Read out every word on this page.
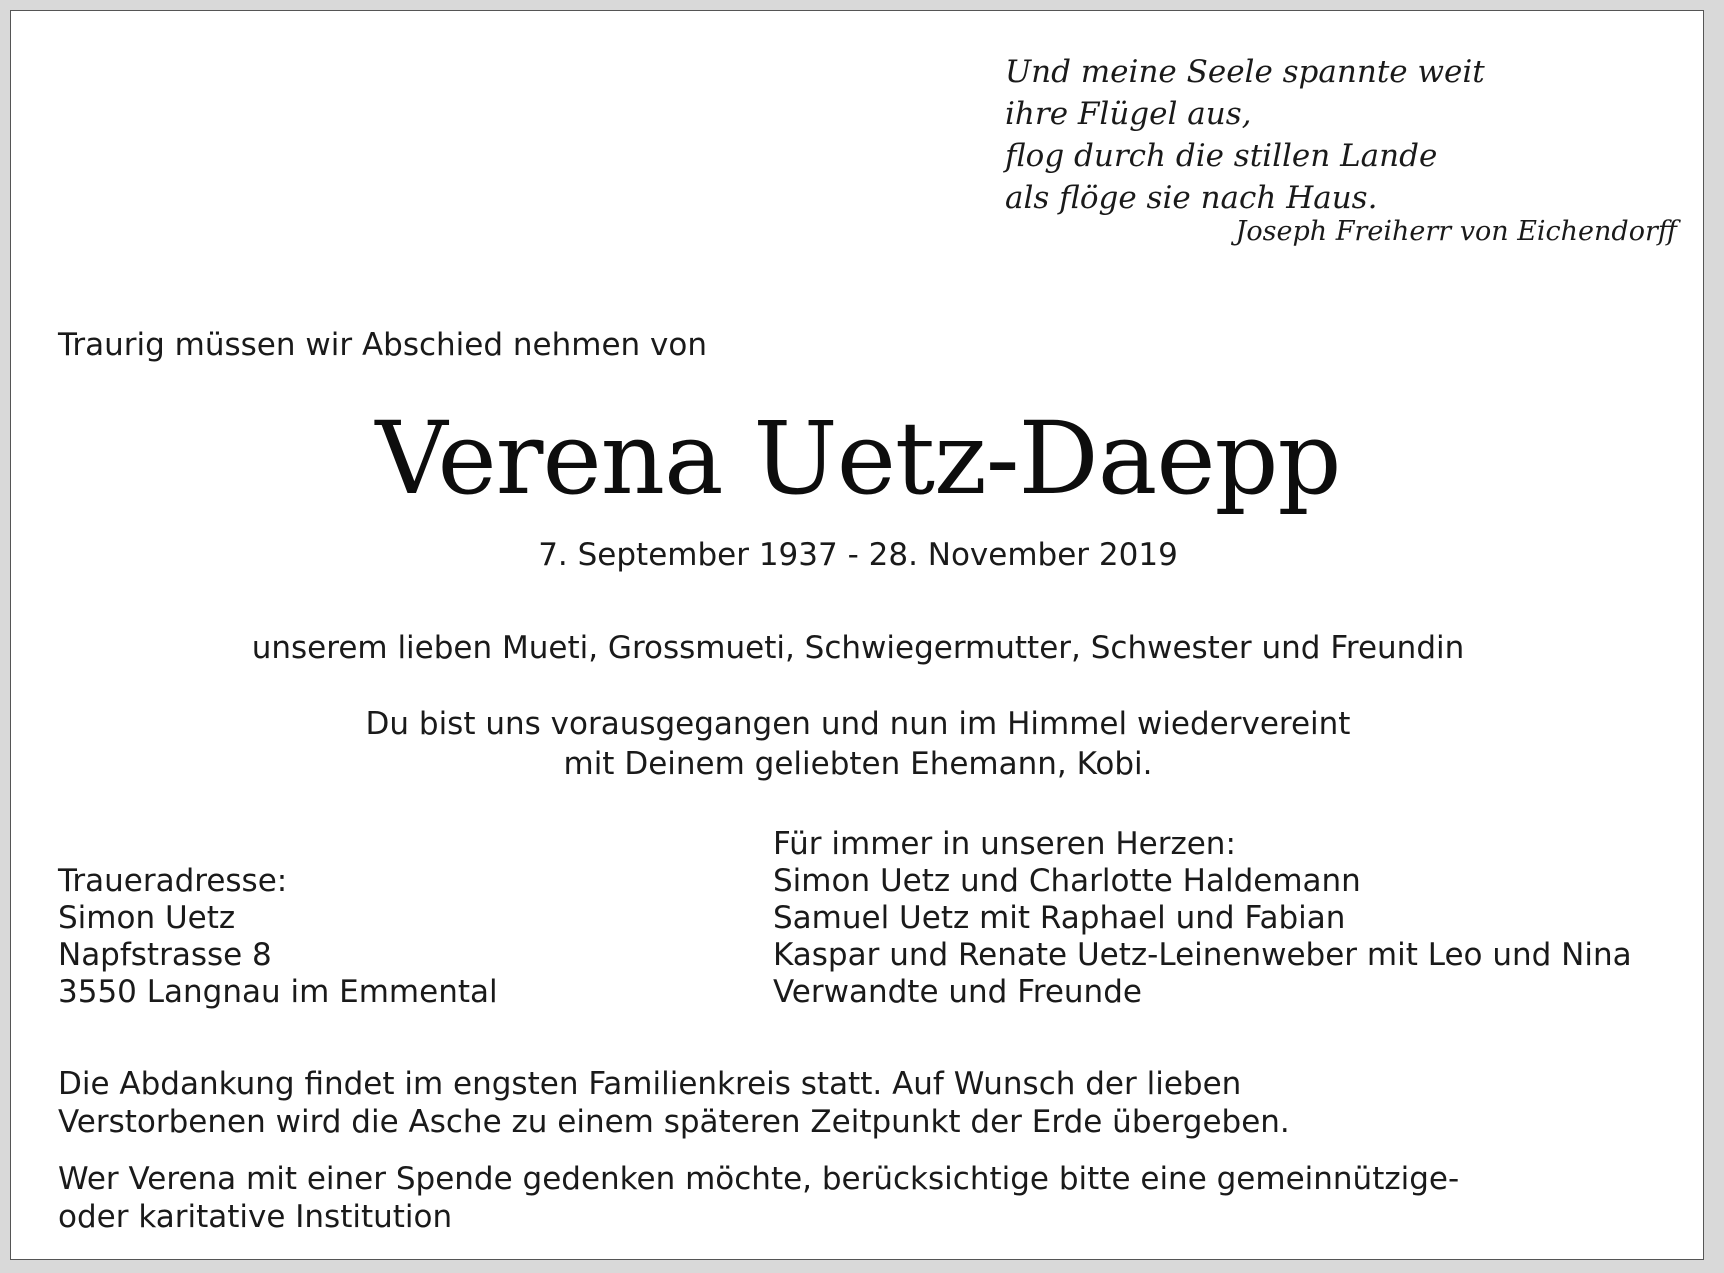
Und meine Seele spannte weit
ihre Flügel aus,
flog durch die stillen Lande
als flöge sie nach Haus.
Joseph Freiherr von Eichendorff
Traurig müssen wir Abschied nehmen von
Verena Uetz-Daepp
7. September 1937 - 28. November 2019
unserem lieben Mueti, Grossmueti, Schwiegermutter, Schwester und Freundin
Du bist uns vorausgegangen und nun im Himmel wiedervereint
mit Deinem geliebten Ehemann, Kobi.
Traueradresse:
Simon Uetz
Napfstrasse 8
3550 Langnau im Emmental
Für immer in unseren Herzen:
Simon Uetz und Charlotte Haldemann
Samuel Uetz mit Raphael und Fabian
Kaspar und Renate Uetz-Leinenweber mit Leo und Nina
Verwandte und Freunde
Die Abdankung findet im engsten Familienkreis statt. Auf Wunsch der lieben
Verstorbenen wird die Asche zu einem späteren Zeitpunkt der Erde übergeben.
Wer Verena mit einer Spende gedenken möchte, berücksichtige bitte eine gemeinnützige-
oder karitative Institution
